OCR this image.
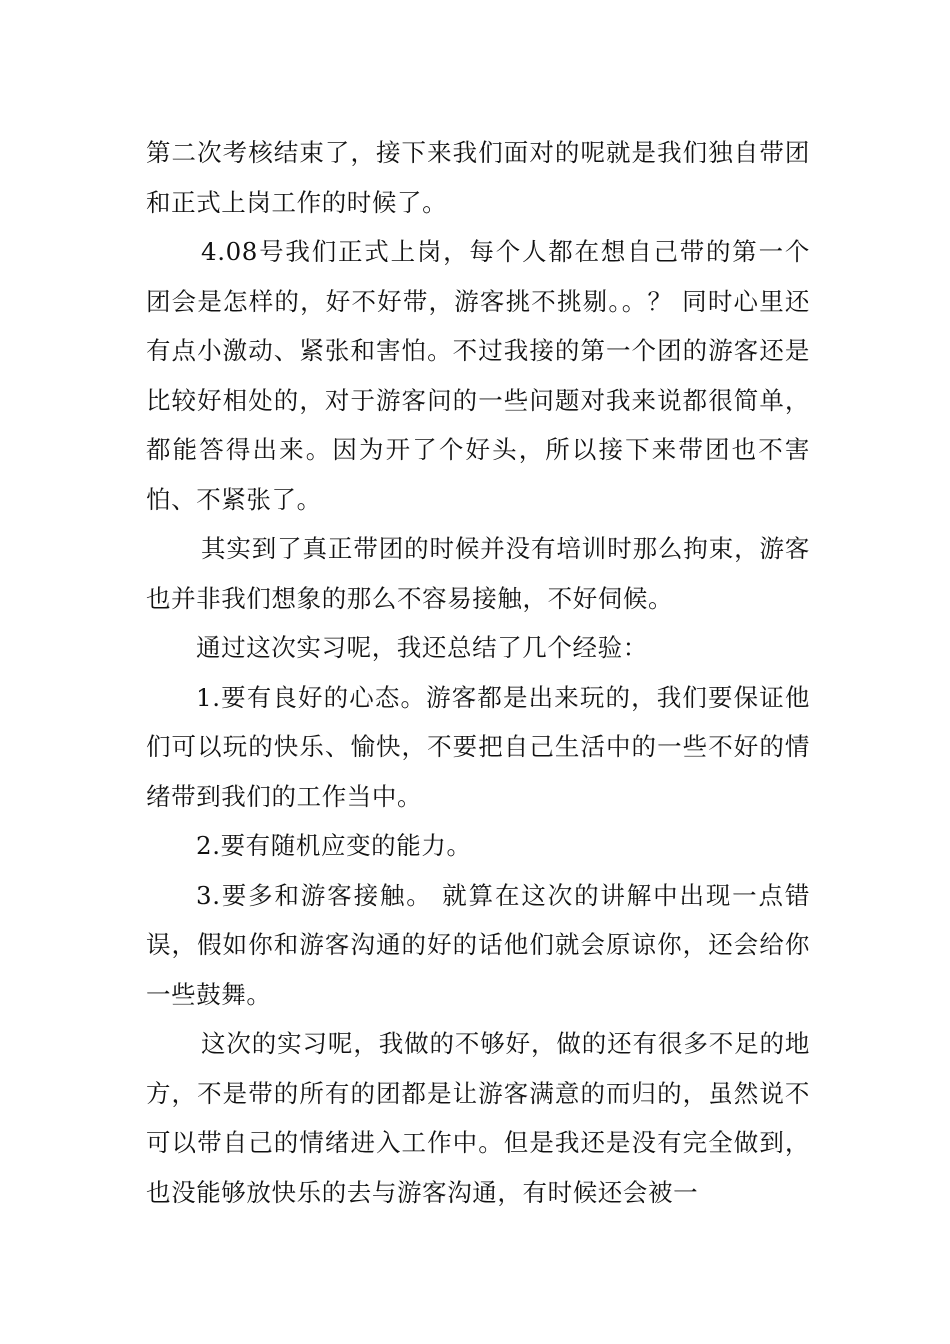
第二次考核结束了，接下来我们面对的呢就是我们独自带团和正式上岗工作的时候了。

4.08号我们正式上岗，每个人都在想自己带的第一个团会是怎样的，好不好带，游客挑不挑剔。。？ 同时心里还有点小激动、紧张和害怕。不过我接的第一个团的游客还是比较好相处的，对于游客问的一些问题对我来说都很简单，都能答得出来。因为开了个好头，所以接下来带团也不害怕、不紧张了。

其实到了真正带团的时候并没有培训时那么拘束，游客也并非我们想象的那么不容易接触，不好伺候。

通过这次实习呢，我还总结了几个经验：

1.要有良好的心态。游客都是出来玩的，我们要保证他们可以玩的快乐、愉快，不要把自己生活中的一些不好的情绪带到我们的工作当中。

2.要有随机应变的能力。

3.要多和游客接触。 就算在这次的讲解中出现一点错误，假如你和游客沟通的好的话他们就会原谅你，还会给你一些鼓舞。

这次的实习呢，我做的不够好，做的还有很多不足的地方，不是带的所有的团都是让游客满意的而归的，虽然说不可以带自己的情绪进入工作中。但是我还是没有完全做到，也没能够放快乐的去与游客沟通，有时候还会被一
